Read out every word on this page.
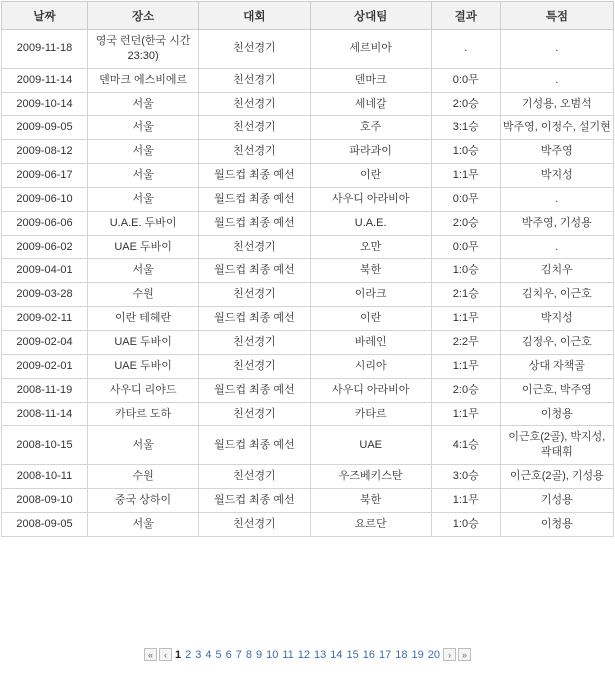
날짜	장소	대회	상대팀	결과	특점
2009-11-18	영국 런던(한국 시간 23:30)	친선경기	세르비아	.	.
2009-11-14	덴마크 에스비에르	친선경기	덴마크	0:0무	.
2009-10-14	서울	친선경기	세네갈	2:0승	기성용, 오범석
2009-09-05	서울	친선경기	호주	3:1승	박주영, 이정수, 설기현
2009-08-12	서울	친선경기	파라과이	1:0승	박주영
2009-06-17	서울	월드컵 최종 예선	이란	1:1무	박지성
2009-06-10	서울	월드컵 최종 예선	사우디 아라비아	0:0무	.
2009-06-06	U.A.E. 두바이	월드컵 최종 예선	U.A.E.	2:0승	박주영, 기성용
2009-06-02	UAE 두바이	친선경기	오만	0:0무	.
2009-04-01	서울	월드컵 최종 예선	북한	1:0승	김치우
2009-03-28	수원	친선경기	이라크	2:1승	김치우, 이근호
2009-02-11	이란 테헤란	월드컵 최종 예선	이란	1:1무	박지성
2009-02-04	UAE 두바이	친선경기	바레인	2:2무	김정우, 이근호
2009-02-01	UAE 두바이	친선경기	시리아	1:1무	상대 자책골
2008-11-19	사우디 리야드	월드컵 최종 예선	사우디 아라비아	2:0승	이근호, 박주영
2008-11-14	카타르 도하	친선경기	카타르	1:1무	이청용
2008-10-15	서울	월드컵 최종 예선	UAE	4:1승	이근호(2골), 박지성, 곽태휘
2008-10-11	수원	친선경기	우즈베키스탄	3:0승	이근호(2골), 기성용
2008-09-10	중국 상하이	월드컵 최종 예선	북한	1:1무	기성용
2008-09-05	서울	친선경기	요르단	1:0승	이청용
« ‹ 1 2 3 4 5 6 7 8 9 10 11 12 13 14 15 16 17 18 19 20 › »
